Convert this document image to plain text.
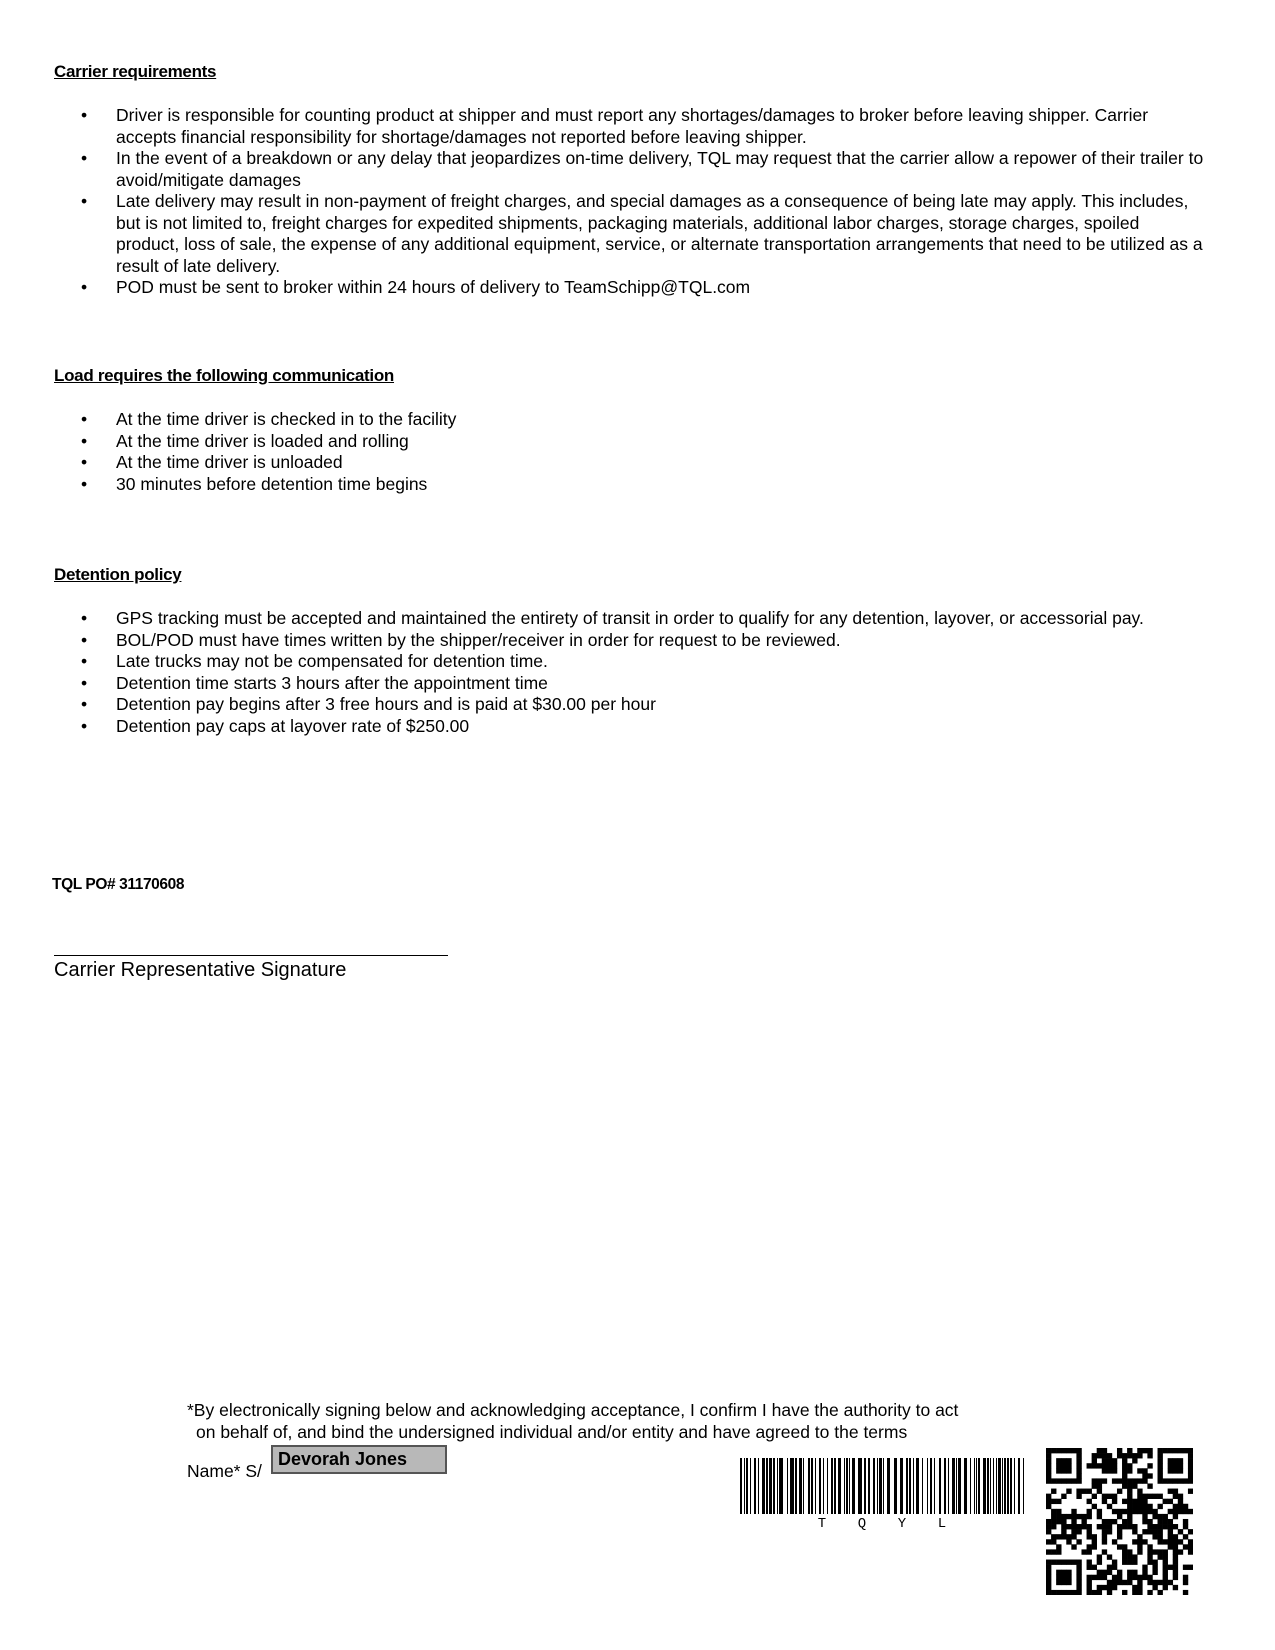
Carrier requirements
• Driver is responsible for counting product at shipper and must report any shortages/damages to broker before leaving shipper. Carrier accepts financial responsibility for shortage/damages not reported before leaving shipper.
• In the event of a breakdown or any delay that jeopardizes on-time delivery, TQL may request that the carrier allow a repower of their trailer to avoid/mitigate damages
• Late delivery may result in non-payment of freight charges, and special damages as a consequence of being late may apply. This includes, but is not limited to, freight charges for expedited shipments, packaging materials, additional labor charges, storage charges, spoiled product, loss of sale, the expense of any additional equipment, service, or alternate transportation arrangements that need to be utilized as a result of late delivery.
• POD must be sent to broker within 24 hours of delivery to TeamSchipp@TQL.com
Load requires the following communication
• At the time driver is checked in to the facility
• At the time driver is loaded and rolling
• At the time driver is unloaded
• 30 minutes before detention time begins
Detention policy
• GPS tracking must be accepted and maintained the entirety of transit in order to qualify for any detention, layover, or accessorial pay.
• BOL/POD must have times written by the shipper/receiver in order for request to be reviewed.
• Late trucks may not be compensated for detention time.
• Detention time starts 3 hours after the appointment time
• Detention pay begins after 3 free hours and is paid at $30.00 per hour
• Detention pay caps at layover rate of $250.00

TQL PO# 31170608

Carrier Representative Signature
*By electronically signing below and acknowledging acceptance, I confirm I have the authority to act
on behalf of, and bind the undersigned individual and/or entity and have agreed to the terms
Name* S/
Devorah Jones
T	Q	Y	L
